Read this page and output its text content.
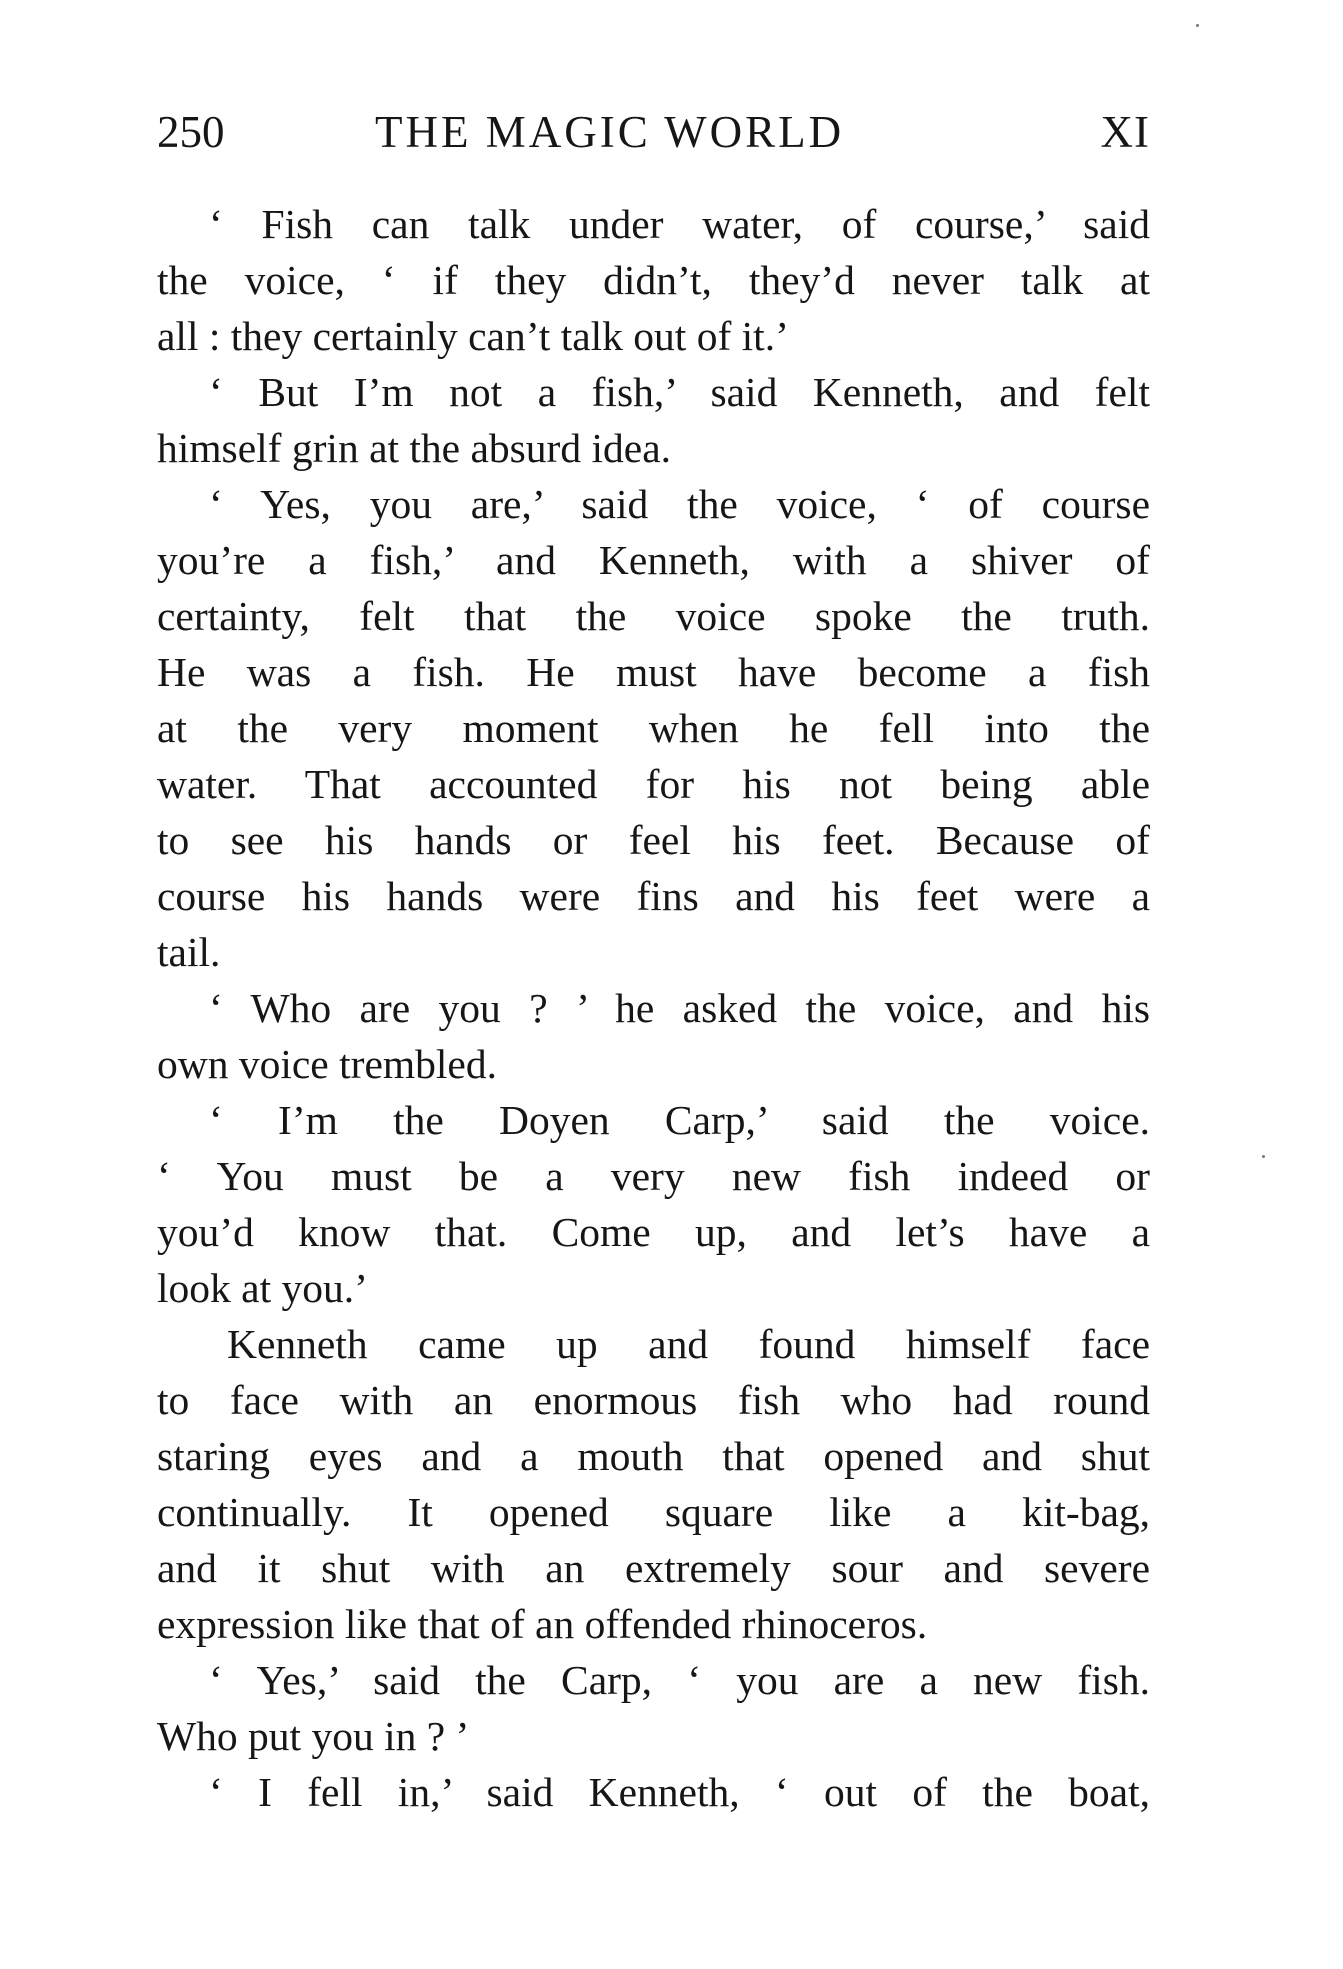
250	THE MAGIC WORLD	XI
‘ Fish can talk under water, of course,’ said
the voice, ‘ if they didn’t, they’d never talk at
all : they certainly can’t talk out of it.’
‘ But I’m not a fish,’ said Kenneth, and felt
himself grin at the absurd idea.
‘ Yes, you are,’ said the voice, ‘ of course
you’re a fish,’ and Kenneth, with a shiver of
certainty, felt that the voice spoke the truth.
He was a fish. He must have become a fish
at the very moment when he fell into the
water. That accounted for his not being able
to see his hands or feel his feet. Because of
course his hands were fins and his feet were a
tail.
‘ Who are you ? ’ he asked the voice, and his
own voice trembled.
‘ I’m the Doyen Carp,’ said the voice.
‘ You must be a very new fish indeed or
you’d know that. Come up, and let’s have a
look at you.’
Kenneth came up and found himself face
to face with an enormous fish who had round
staring eyes and a mouth that opened and shut
continually. It opened square like a kit-bag,
and it shut with an extremely sour and severe
expression like that of an offended rhinoceros.
‘ Yes,’ said the Carp, ‘ you are a new fish.
Who put you in ? ’
‘ I fell in,’ said Kenneth, ‘ out of the boat,
